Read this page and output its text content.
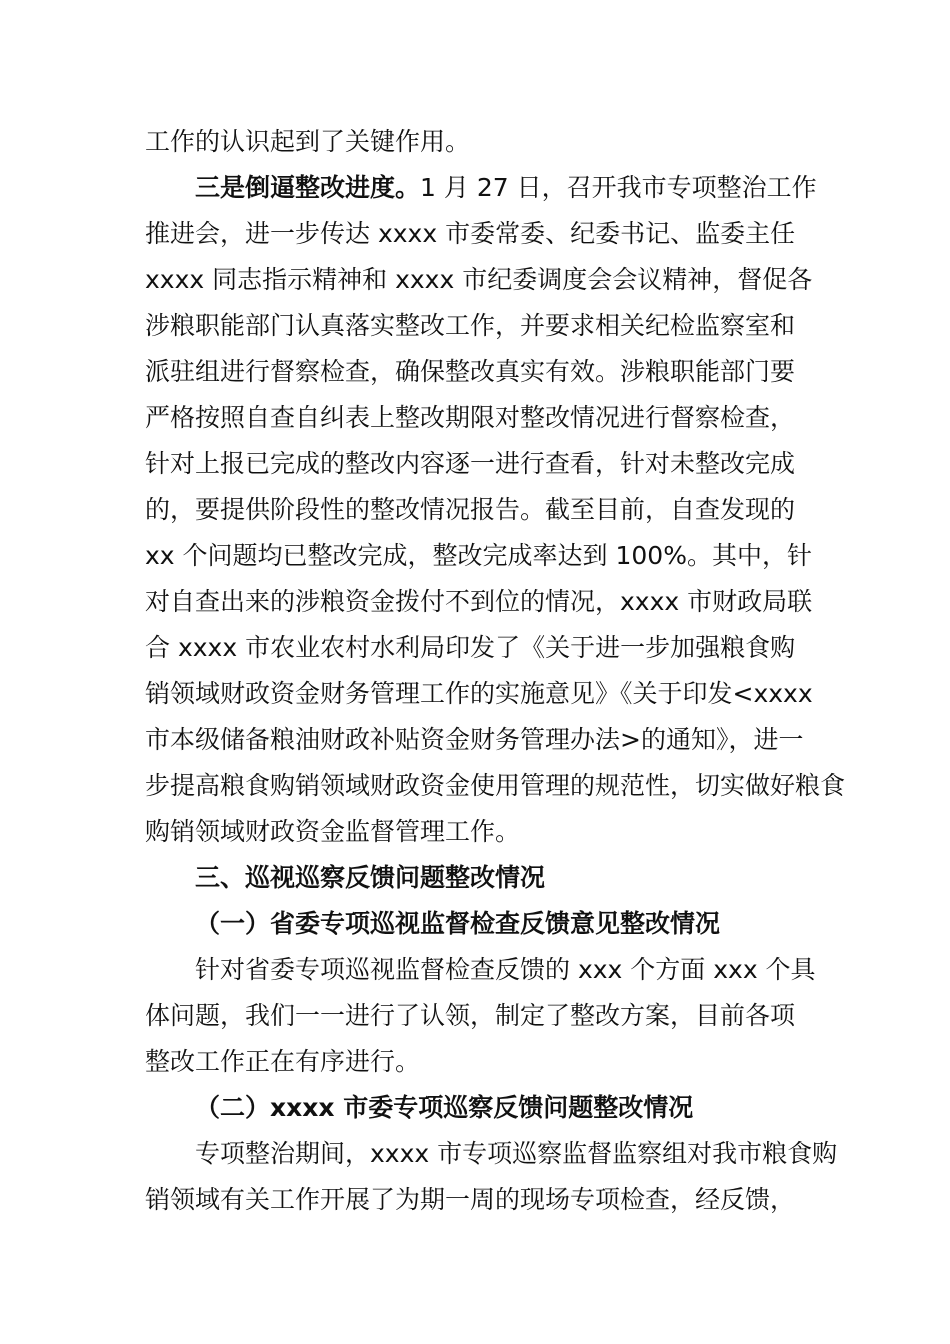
工作的认识起到了关键作用。
三是倒逼整改进度。1 月 27 日，召开我市专项整治工作
推进会，进一步传达 xxxx 市委常委、纪委书记、监委主任
xxxx 同志指示精神和 xxxx 市纪委调度会会议精神，督促各
涉粮职能部门认真落实整改工作，并要求相关纪检监察室和
派驻组进行督察检查，确保整改真实有效。涉粮职能部门要
严格按照自查自纠表上整改期限对整改情况进行督察检查，
针对上报已完成的整改内容逐一进行查看，针对未整改完成
的，要提供阶段性的整改情况报告。截至目前，自查发现的
xx 个问题均已整改完成，整改完成率达到 100%。其中，针
对自查出来的涉粮资金拨付不到位的情况，xxxx 市财政局联
合 xxxx 市农业农村水利局印发了《关于进一步加强粮食购
销领域财政资金财务管理工作的实施意见》《关于印发<xxxx
市本级储备粮油财政补贴资金财务管理办法>的通知》，进一
步提高粮食购销领域财政资金使用管理的规范性，切实做好粮食
购销领域财政资金监督管理工作。
三、巡视巡察反馈问题整改情况
（一）省委专项巡视监督检查反馈意见整改情况
针对省委专项巡视监督检查反馈的 xxx 个方面 xxx 个具
体问题，我们一一进行了认领，制定了整改方案，目前各项
整改工作正在有序进行。
（二）xxxx 市委专项巡察反馈问题整改情况
专项整治期间，xxxx 市专项巡察监督监察组对我市粮食购
销领域有关工作开展了为期一周的现场专项检查，经反馈，
